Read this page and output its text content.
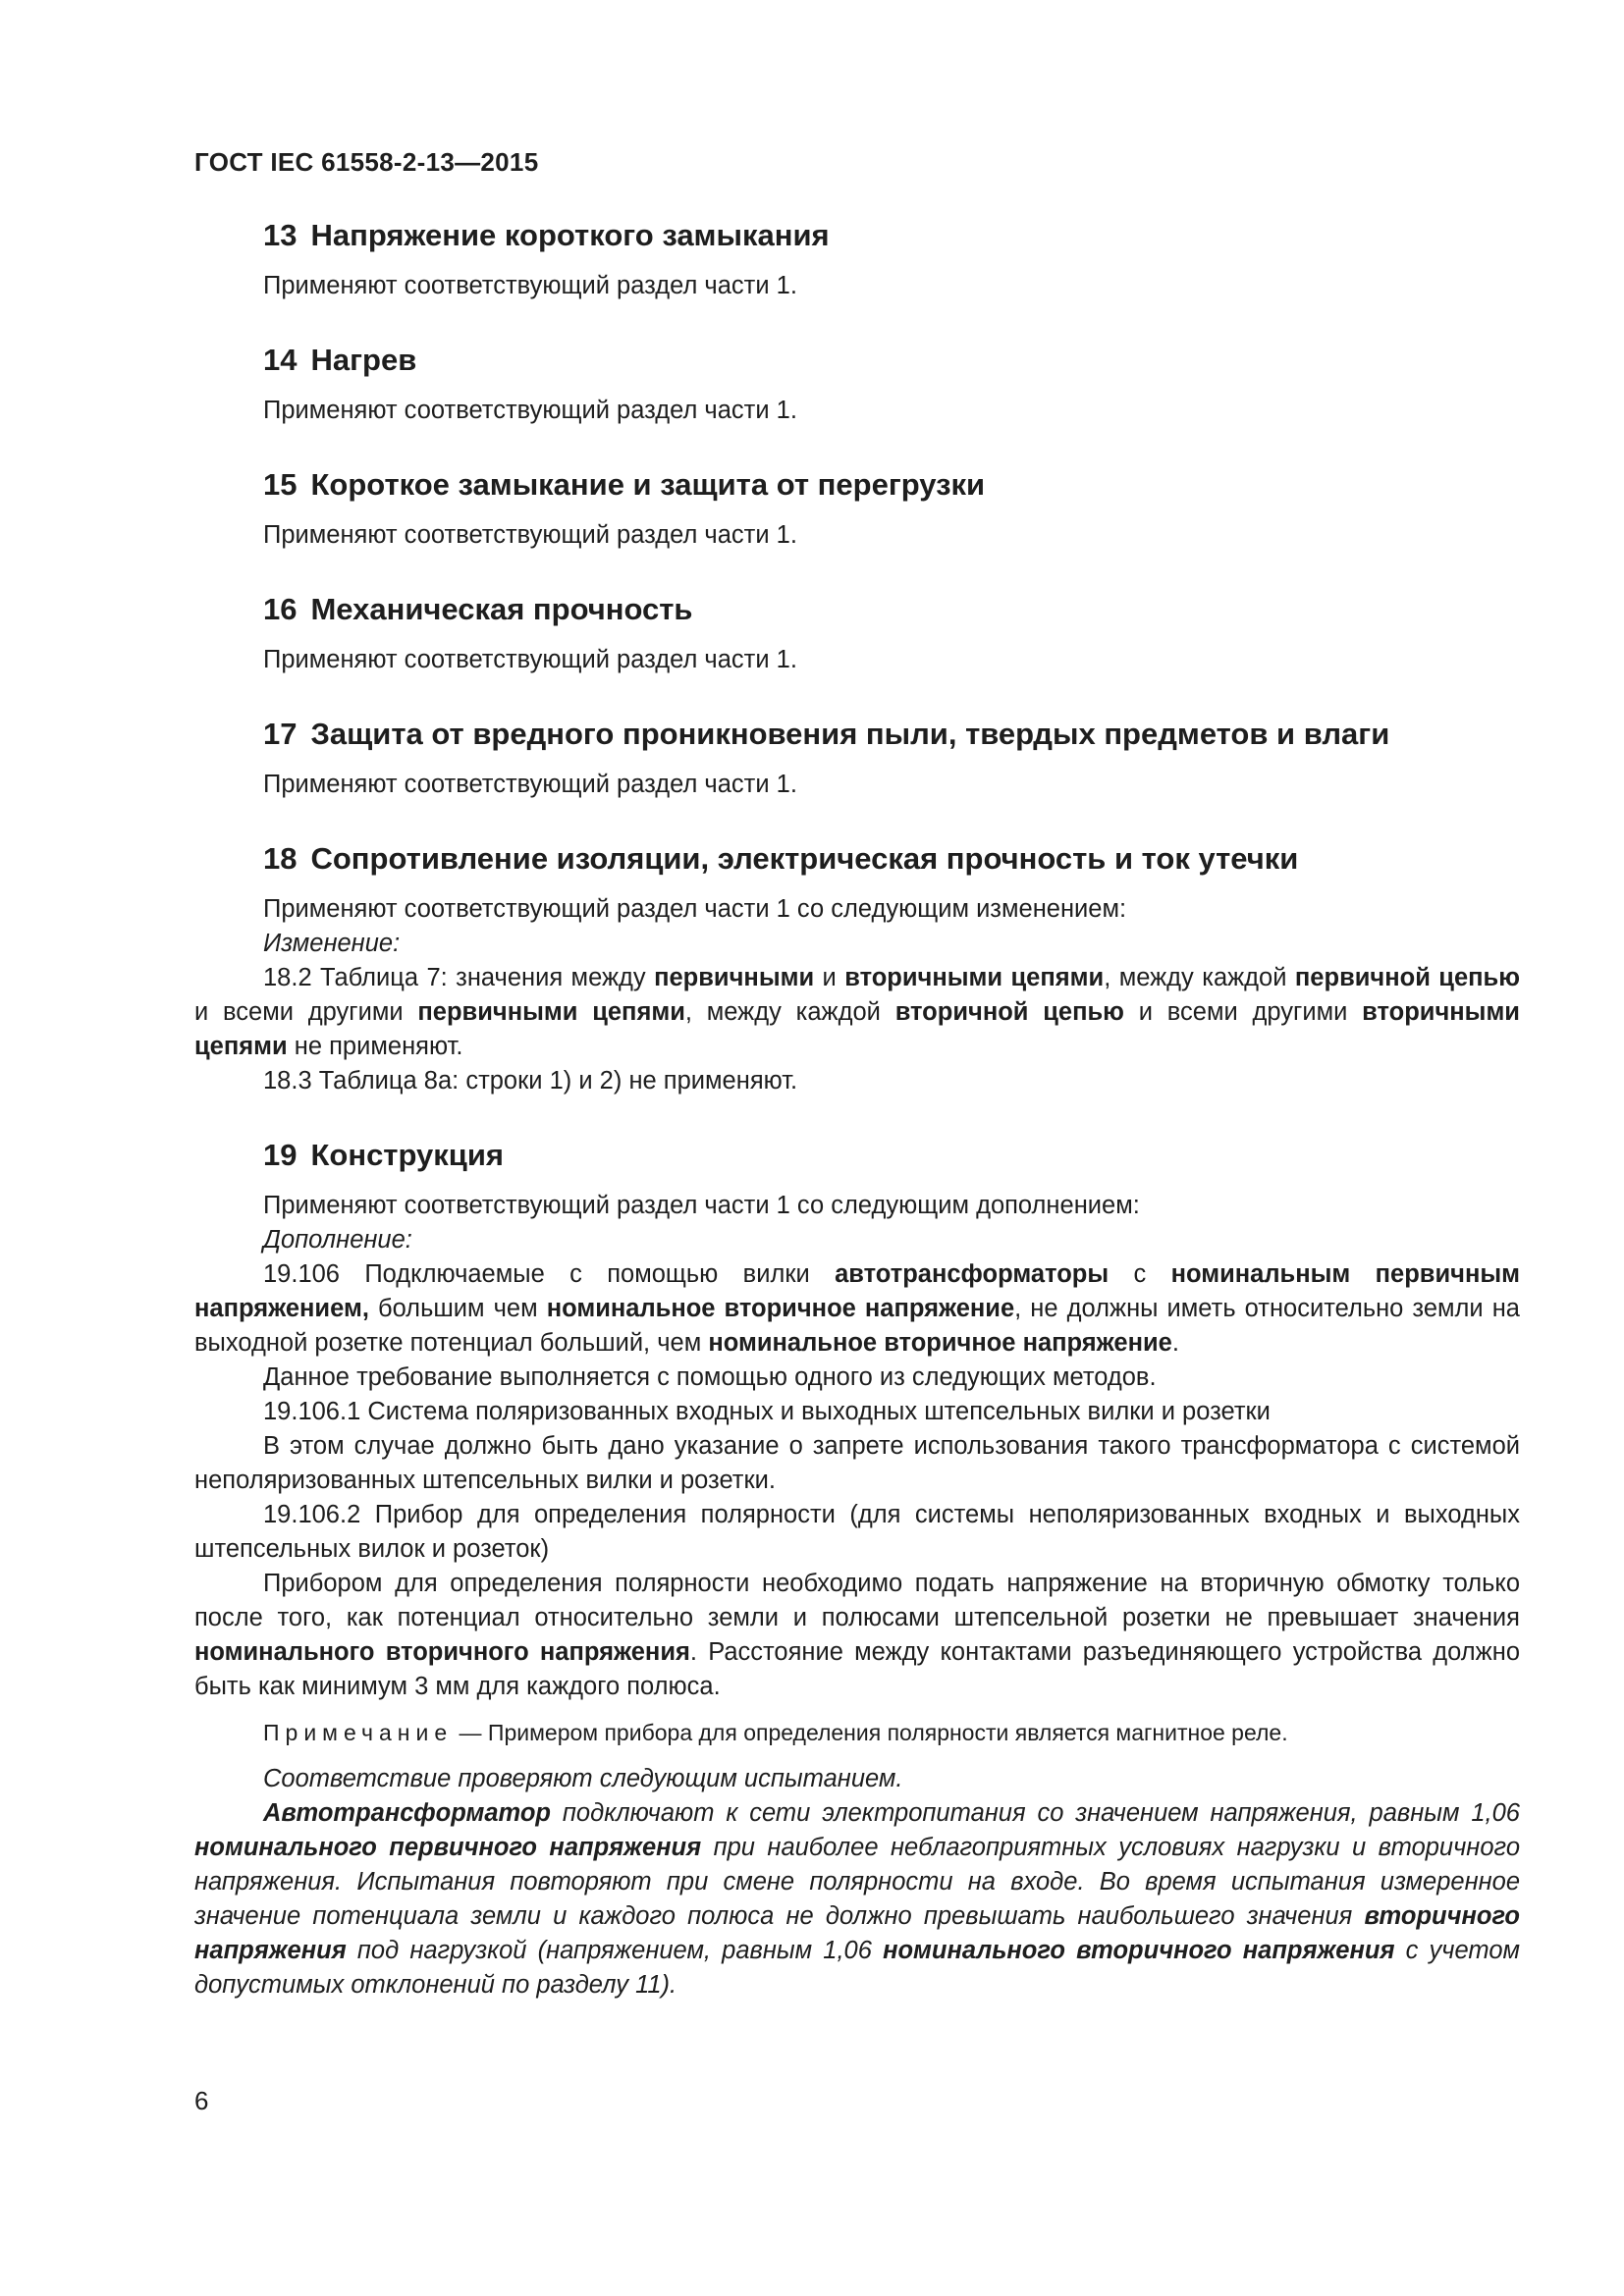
ГОСТ IEC 61558-2-13—2015
13 Напряжение короткого замыкания

Применяют соответствующий раздел части 1.

14 Нагрев

Применяют соответствующий раздел части 1.

15 Короткое замыкание и защита от перегрузки

Применяют соответствующий раздел части 1.

16 Механическая прочность

Применяют соответствующий раздел части 1.

17 Защита от вредного проникновения пыли, твердых предметов и влаги

Применяют соответствующий раздел части 1.

18 Сопротивление изоляции, электрическая прочность и ток утечки

Применяют соответствующий раздел части 1 со следующим изменением:

Изменение:

18.2 Таблица 7: значения между первичными и вторичными цепями, между каждой первичной цепью и всеми другими первичными цепями, между каждой вторичной цепью и всеми другими вторичными цепями не применяют.

18.3 Таблица 8а: строки 1) и 2) не применяют.

19 Конструкция

Применяют соответствующий раздел части 1 со следующим дополнением:

Дополнение:

19.106 Подключаемые с помощью вилки автотрансформаторы с номинальным первичным напряжением, большим чем номинальное вторичное напряжение, не должны иметь относительно земли на выходной розетке потенциал больший, чем номинальное вторичное напряжение.

Данное требование выполняется с помощью одного из следующих методов.

19.106.1 Система поляризованных входных и выходных штепсельных вилки и розетки

В этом случае должно быть дано указание о запрете использования такого трансформатора с системой неполяризованных штепсельных вилки и розетки.

19.106.2 Прибор для определения полярности (для системы неполяризованных входных и выходных штепсельных вилок и розеток)

Прибором для определения полярности необходимо подать напряжение на вторичную обмотку только после того, как потенциал относительно земли и полюсами штепсельной розетки не превышает значения номинального вторичного напряжения. Расстояние между контактами разъединяющего устройства должно быть как минимум 3 мм для каждого полюса.

Примечание — Примером прибора для определения полярности является магнитное реле.

Соответствие проверяют следующим испытанием.

Автотрансформатор подключают к сети электропитания со значением напряжения, равным 1,06 номинального первичного напряжения при наиболее неблагоприятных условиях нагрузки и вторичного напряжения. Испытания повторяют при смене полярности на входе. Во время испытания измеренное значение потенциала земли и каждого полюса не должно превышать наибольшего значения вторичного напряжения под нагрузкой (напряжением, равным 1,06 номинального вторичного напряжения с учетом допустимых отклонений по разделу 11).

6
